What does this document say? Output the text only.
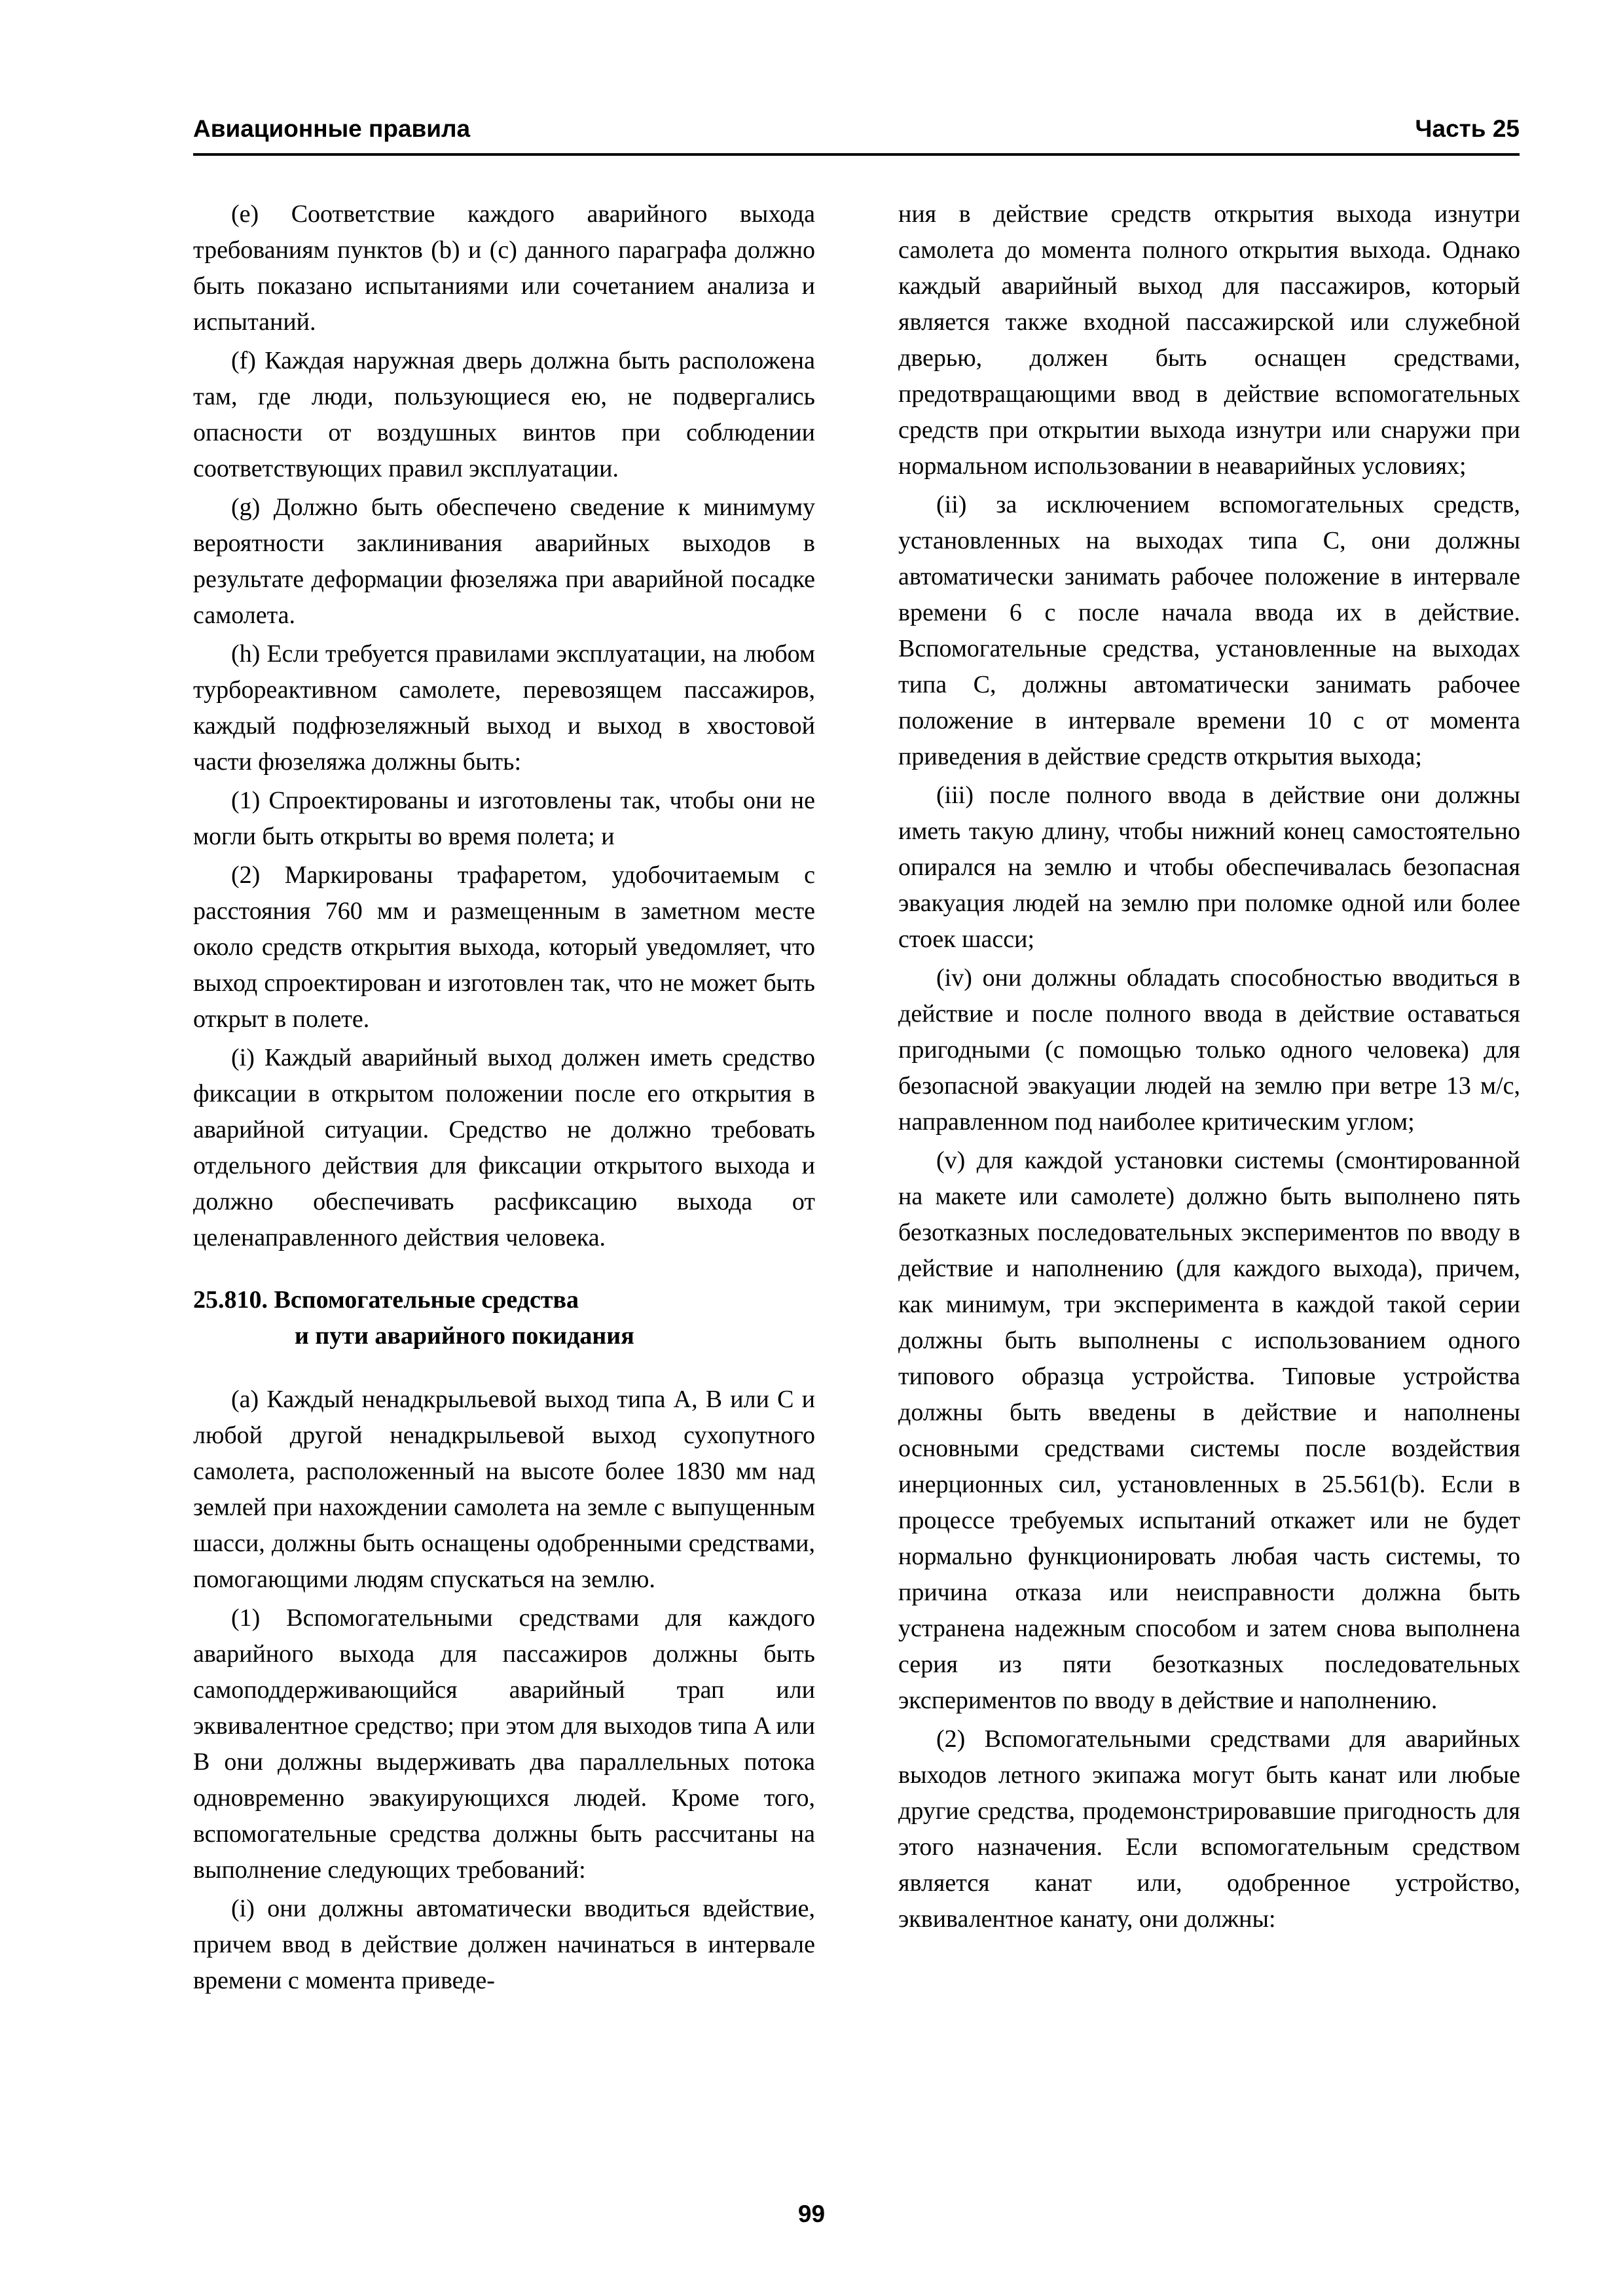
Авиационные правила	Часть 25

(e) Соответствие каждого аварийного выхода требованиям пунктов (b) и (c) данного параграфа должно быть показано испытаниями или сочетанием анализа и испытаний.

(f) Каждая наружная дверь должна быть расположена там, где люди, пользующиеся ею, не подвергались опасности от воздушных винтов при соблюдении соответствующих правил эксплуатации.

(g) Должно быть обеспечено сведение к минимуму вероятности заклинивания аварийных выходов в результате деформации фюзеляжа при аварийной посадке самолета.

(h) Если требуется правилами эксплуатации, на любом турбореактивном самолете, перевозящем пассажиров, каждый подфюзеляжный выход и выход в хвостовой части фюзеляжа должны быть:

(1) Спроектированы и изготовлены так, чтобы они не могли быть открыты во время полета; и

(2) Маркированы трафаретом, удобочитаемым с расстояния 760 мм и размещенным в заметном месте около средств открытия выхода, который уведомляет, что выход спроектирован и изготовлен так, что не может быть открыт в полете.

(i) Каждый аварийный выход должен иметь средство фиксации в открытом положении после его открытия в аварийной ситуации. Средство не должно требовать отдельного действия для фиксации открытого выхода и должно обеспечивать расфиксацию выхода от целенаправленного действия человека.

25.810. Вспомогательные средства
и пути аварийного покидания

(a) Каждый ненадкрыльевой выход типа A, B или C и любой другой ненадкрыльевой выход сухопутного самолета, расположенный на высоте более 1830 мм над землей при нахождении самолета на земле с выпущенным шасси, должны быть оснащены одобренными средствами, помогающими людям спускаться на землю.

(1) Вспомогательными средствами для каждого аварийного выхода для пассажиров должны быть самоподдерживающийся аварийный трап или эквивалентное средство; при этом для выходов типа A или B они должны выдерживать два параллельных потока одновременно эвакуирующихся людей. Кроме того, вспомогательные средства должны быть рассчитаны на выполнение следующих требований:

(i) они должны автоматически вводиться вдействие, причем ввод в действие должен начинаться в интервале времени с момента приведе-

ния в действие средств открытия выхода изнутри самолета до момента полного открытия выхода. Однако каждый аварийный выход для пассажиров, который является также входной пассажирской или служебной дверью, должен быть оснащен средствами, предотвращающими ввод в действие вспомогательных средств при открытии выхода изнутри или снаружи при нормальном использовании в неаварийных условиях;

(ii) за исключением вспомогательных средств, установленных на выходах типа C, они должны автоматически занимать рабочее положение в интервале времени 6 с после начала ввода их в действие. Вспомогательные средства, установленные на выходах типа C, должны автоматически занимать рабочее положение в интервале времени 10 с от момента приведения в действие средств открытия выхода;

(iii) после полного ввода в действие они должны иметь такую длину, чтобы нижний конец самостоятельно опирался на землю и чтобы обеспечивалась безопасная эвакуация людей на землю при поломке одной или более стоек шасси;

(iv) они должны обладать способностью вводиться в действие и после полного ввода в действие оставаться пригодными (с помощью только одного человека) для безопасной эвакуации людей на землю при ветре 13 м/с, направленном под наиболее критическим углом;

(v) для каждой установки системы (смонтированной на макете или самолете) должно быть выполнено пять безотказных последовательных экспериментов по вводу в действие и наполнению (для каждого выхода), причем, как минимум, три эксперимента в каждой такой серии должны быть выполнены с использованием одного типового образца устройства. Типовые устройства должны быть введены в действие и наполнены основными средствами системы после воздействия инерционных сил, установленных в 25.561(b). Если в процессе требуемых испытаний откажет или не будет нормально функционировать любая часть системы, то причина отказа или неисправности должна быть устранена надежным способом и затем снова выполнена серия из пяти безотказных последовательных экспериментов по вводу в действие и наполнению.

(2) Вспомогательными средствами для аварийных выходов летного экипажа могут быть канат или любые другие средства, продемонстрировавшие пригодность для этого назначения. Если вспомогательным средством является канат или, одобренное устройство, эквивалентное канату, они должны:

99
